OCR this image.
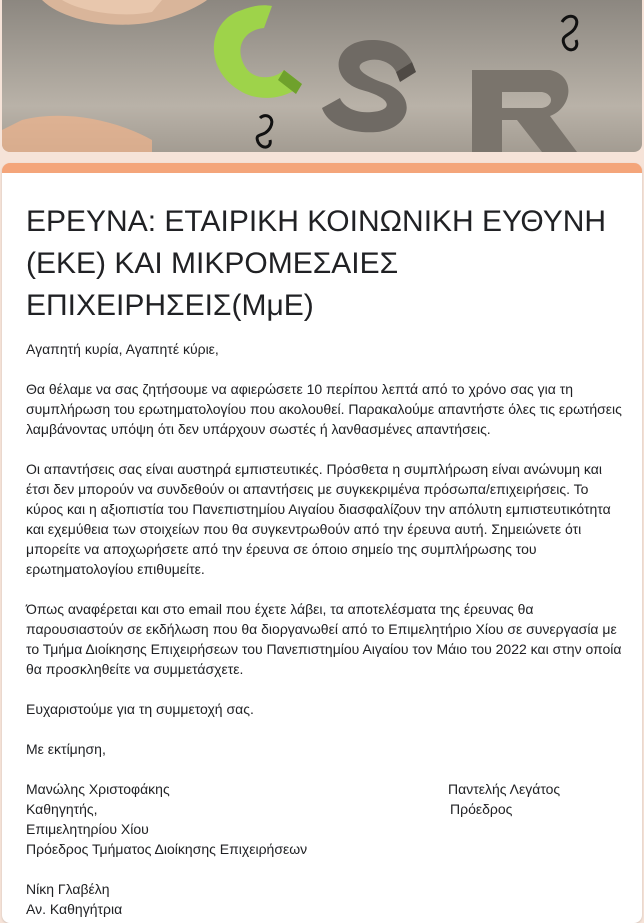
ΕΡΕΥΝΑ: ΕΤΑΙΡΙΚΗ ΚΟΙΝΩΝΙΚΗ ΕΥΘΥΝΗ (ΕΚΕ) ΚΑΙ ΜΙΚΡΟΜΕΣΑΙΕΣ ΕΠΙΧΕΙΡΗΣΕΙΣ(ΜμΕ)

Αγαπητή κυρία, Αγαπητέ κύριε,

Θα θέλαμε να σας ζητήσουμε να αφιερώσετε 10 περίπου λεπτά από το χρόνο σας για τη συμπλήρωση του ερωτηματολογίου που ακολουθεί. Παρακαλούμε απαντήστε όλες τις ερωτήσεις λαμβάνοντας υπόψη ότι δεν υπάρχουν σωστές ή λανθασμένες απαντήσεις.

Οι απαντήσεις σας είναι αυστηρά εμπιστευτικές. Πρόσθετα η συμπλήρωση είναι ανώνυμη και έτσι δεν μπορούν να συνδεθούν οι απαντήσεις με συγκεκριμένα πρόσωπα/επιχειρήσεις. Το κύρος και η αξιοπιστία του Πανεπιστημίου Αιγαίου διασφαλίζουν την απόλυτη εμπιστευτικότητα και εχεμύθεια των στοιχείων που θα συγκεντρωθούν από την έρευνα αυτή. Σημειώνετε ότι μπορείτε να αποχωρήσετε από την έρευνα σε όποιο σημείο της συμπλήρωσης του ερωτηματολογίου επιθυμείτε.

Όπως αναφέρεται και στο email που έχετε λάβει, τα αποτελέσματα της έρευνας θα παρουσιαστούν σε εκδήλωση που θα διοργανωθεί από το Επιμελητήριο Χίου σε συνεργασία με το Τμήμα Διοίκησης Επιχειρήσεων του Πανεπιστημίου Αιγαίου τον Μάιο του 2022 και στην οποία θα προσκληθείτε να συμμετάσχετε.

Ευχαριστούμε για τη συμμετοχή σας.

Με εκτίμηση,

Μανώλης Χριστοφάκης	Παντελής Λεγάτος
Καθηγητής,	Πρόεδρος
Επιμελητηρίου Χίου
Πρόεδρος Τμήματος Διοίκησης Επιχειρήσεων
Νίκη Γλαβέλη
Αν. Καθηγήτρια
